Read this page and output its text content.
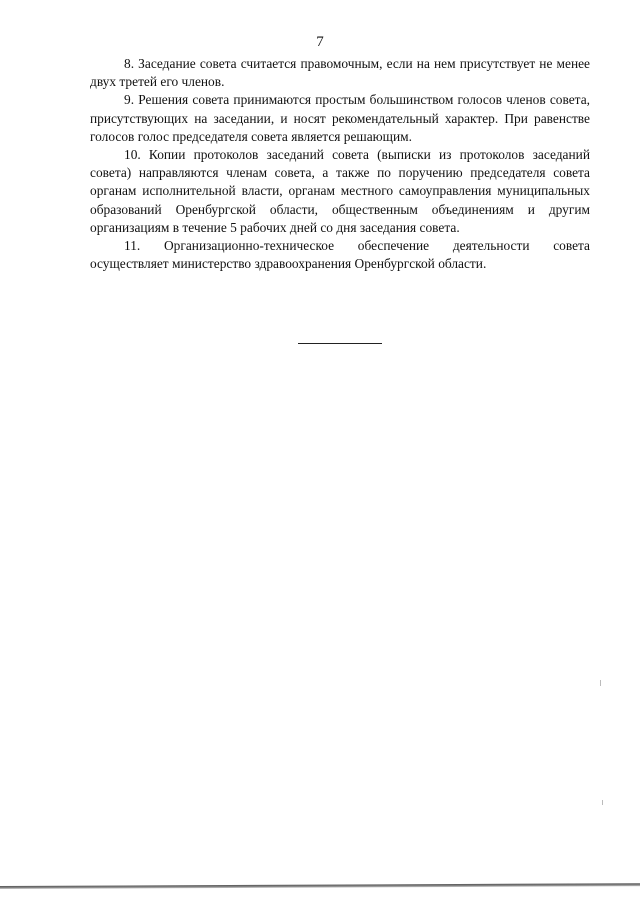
7

8. Заседание совета считается правомочным, если на нем присутствует не менее двух третей его членов.

9. Решения совета принимаются простым большинством голосов членов совета, присутствующих на заседании, и носят рекомендательный характер. При равенстве голосов голос председателя совета является решающим.

10. Копии протоколов заседаний совета (выписки из протоколов заседаний совета) направляются членам совета, а также по поручению председателя совета органам исполнительной власти, органам местного самоуправления муниципальных образований Оренбургской области, общественным объединениям и другим организациям в течение 5 рабочих дней со дня заседания совета.

11. Организационно-техническое обеспечение деятельности совета осуществляет министерство здравоохранения Оренбургской области.
